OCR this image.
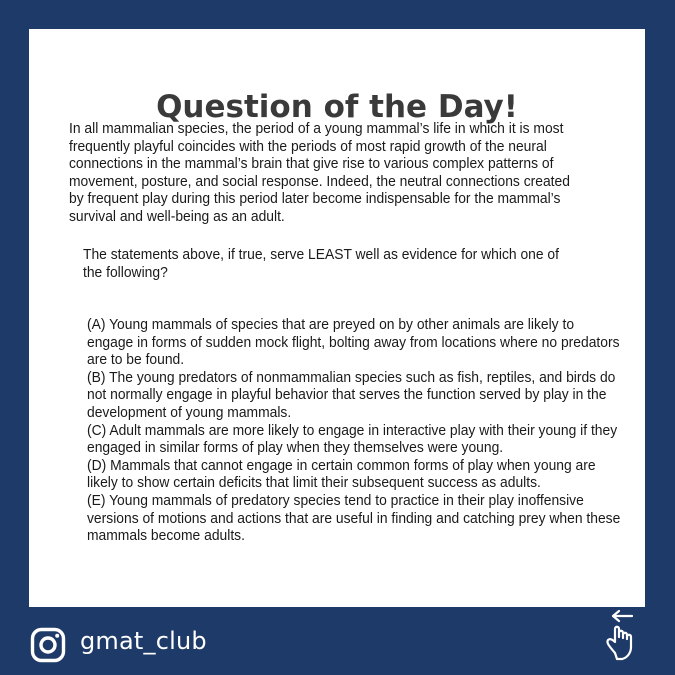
Question of the Day!

In all mammalian species, the period of a young mammal’s life in which it is most frequently playful coincides with the periods of most rapid growth of the neural connections in the mammal’s brain that give rise to various complex patterns of movement, posture, and social response. Indeed, the neutral connections created by frequent play during this period later become indispensable for the mammal’s survival and well-being as an adult.

The statements above, if true, serve LEAST well as evidence for which one of the following?

(A) Young mammals of species that are preyed on by other animals are likely to engage in forms of sudden mock flight, bolting away from locations where no predators are to be found.
(B) The young predators of nonmammalian species such as fish, reptiles, and birds do not normally engage in playful behavior that serves the function served by play in the development of young mammals.
(C) Adult mammals are more likely to engage in interactive play with their young if they engaged in similar forms of play when they themselves were young.
(D) Mammals that cannot engage in certain common forms of play when young are likely to show certain deficits that limit their subsequent success as adults.
(E) Young mammals of predatory species tend to practice in their play inoffensive versions of motions and actions that are useful in finding and catching prey when these mammals become adults.
gmat_club
